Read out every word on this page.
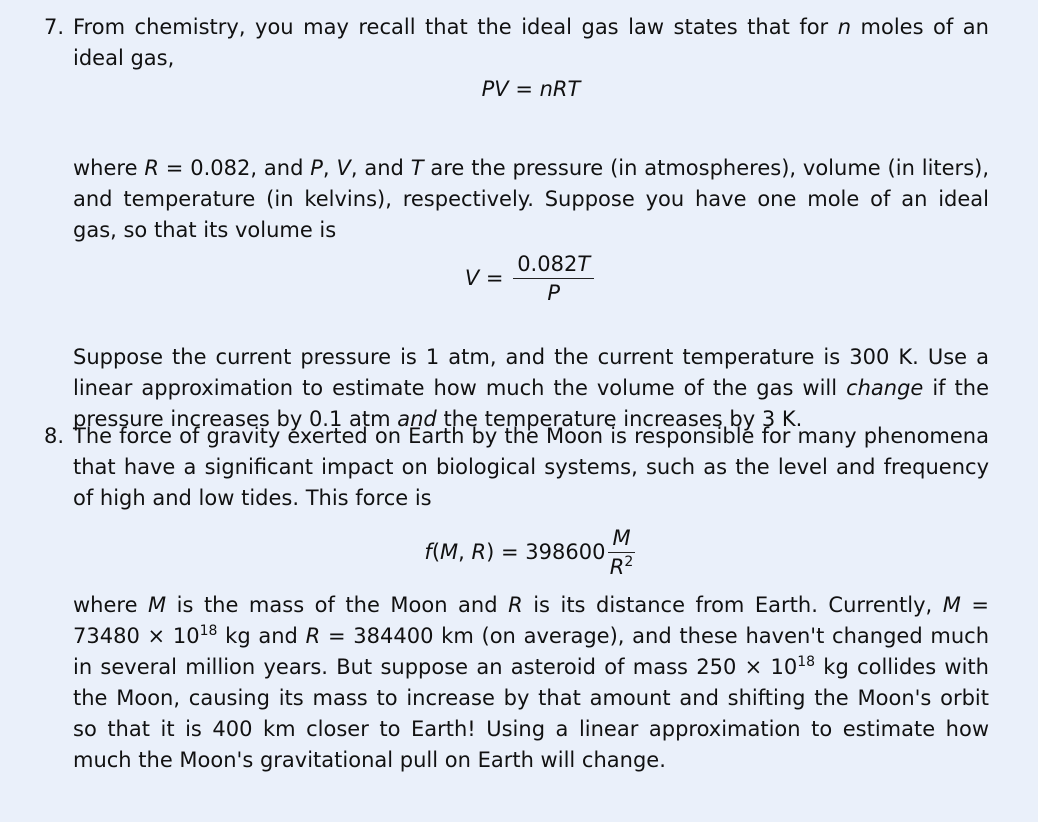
7. From chemistry, you may recall that the ideal gas law states that for n moles of an ideal gas,

PV = nRT

where R = 0.082, and P, V, and T are the pressure (in atmospheres), volume (in liters), and temperature (in kelvins), respectively. Suppose you have one mole of an ideal gas, so that its volume is

$V = \frac{0.082T}{P}$

Suppose the current pressure is 1 atm, and the current temperature is 300 K. Use a linear approximation to estimate how much the volume of the gas will change if the pressure increases by 0.1 atm and the temperature increases by 3 K.

8. The force of gravity exerted on Earth by the Moon is responsible for many phenomena that have a significant impact on biological systems, such as the level and frequency of high and low tides. This force is

f(M, $R) = 398600 \frac{M}{R^2}$

where M is the mass of the Moon and R is its distance from Earth. Currently, $M = 73480 \times 10^{18}$ kg and R = 384400 km (on average), and these haven't changed much in several million years. But suppose an asteroid of mass $250 \times 10^{18}$ kg collides with the Moon, causing its mass to increase by that amount and shifting the Moon's orbit so that it is 400 km closer to Earth! Using a linear approximation to estimate how much the Moon's gravitational pull on Earth will change.
